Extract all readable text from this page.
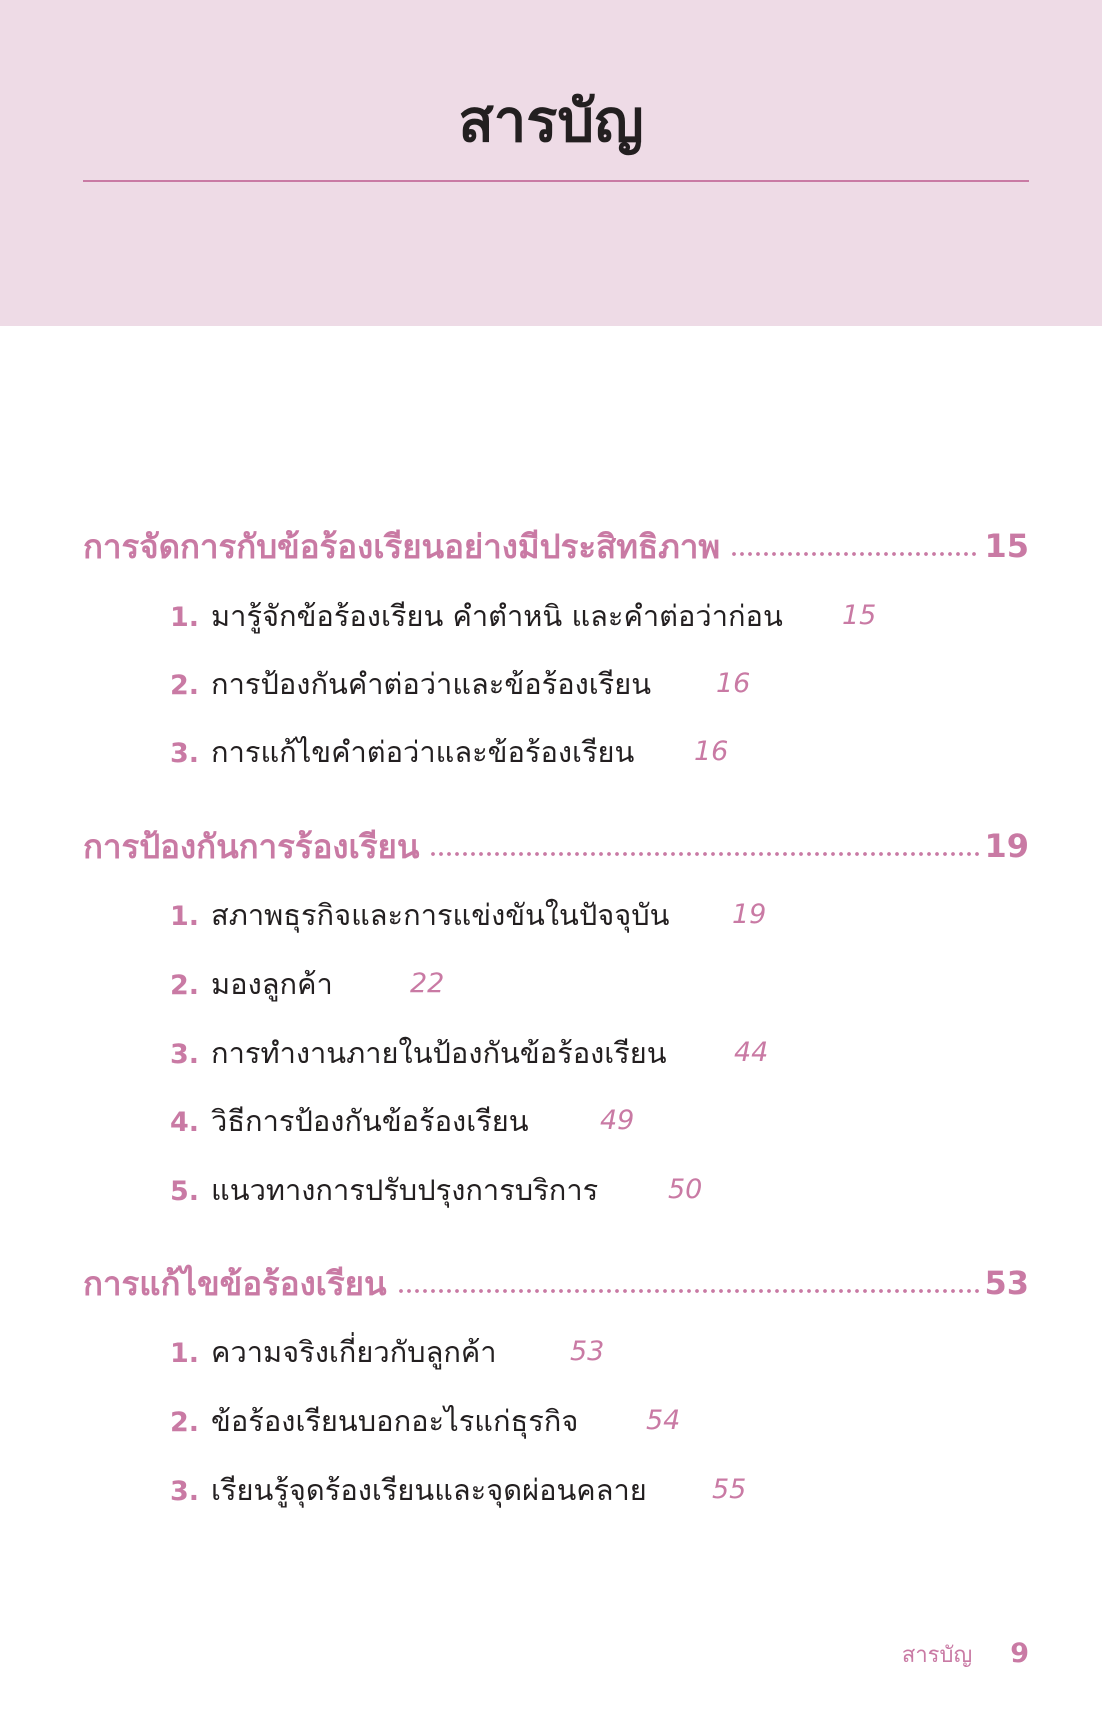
สารบัญ
การจัดการกับข้อร้องเรียนอย่างมีประสิทธิภาพ	15
1. มารู้จักข้อร้องเรียน คำตำหนิ และคำต่อว่าก่อน 15
2. การป้องกันคำต่อว่าและข้อร้องเรียน 16
3. การแก้ไขคำต่อว่าและข้อร้องเรียน 16
การป้องกันการร้องเรียน	19
1. สภาพธุรกิจและการแข่งขันในปัจจุบัน 19
2. มองลูกค้า	22
3. การทำงานภายในป้องกันข้อร้องเรียน 44
4. วิธีการป้องกันข้อร้องเรียน	49
5. แนวทางการปรับปรุงการบริการ	50
การแก้ไขข้อร้องเรียน	53
1. ความจริงเกี่ยวกับลูกค้า	53
2. ข้อร้องเรียนบอกอะไรแก่ธุรกิจ	54
3. เรียนรู้จุดร้องเรียนและจุดผ่อนคลาย 55
สารบัญ 9
